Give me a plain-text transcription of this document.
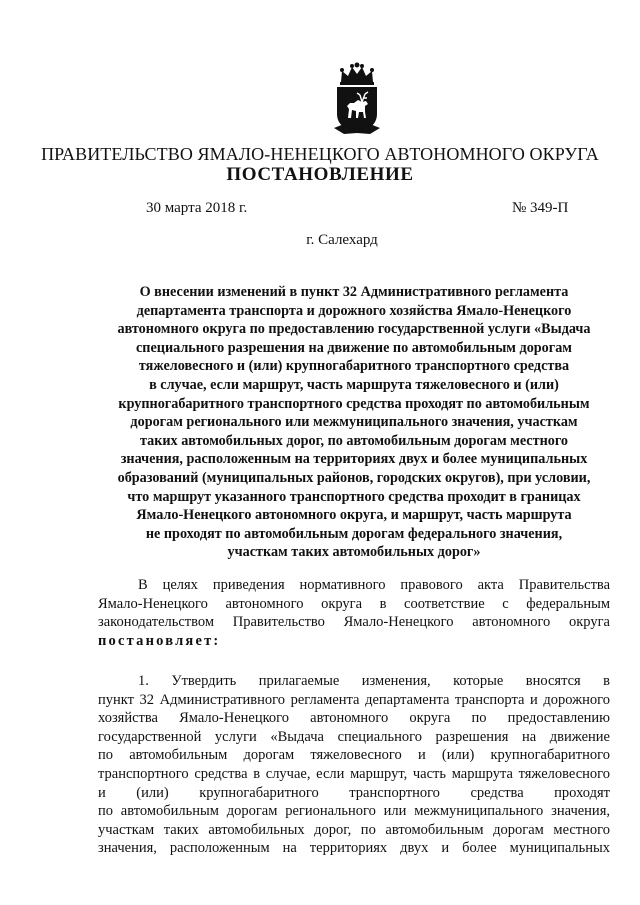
ПРАВИТЕЛЬСТВО ЯМАЛО-НЕНЕЦКОГО АВТОНОМНОГО ОКРУГА
ПОСТАНОВЛЕНИЕ
30 марта 2018 г.	№ 349-П
г. Салехард
О внесении изменений в пункт 32 Административного регламента
департамента транспорта и дорожного хозяйства Ямало-Ненецкого
автономного округа по предоставлению государственной услуги «Выдача
специального разрешения на движение по автомобильным дорогам
тяжеловесного и (или) крупногабаритного транспортного средства
в случае, если маршрут, часть маршрута тяжеловесного и (или)
крупногабаритного транспортного средства проходят по автомобильным
дорогам регионального или межмуниципального значения, участкам
таких автомобильных дорог, по автомобильным дорогам местного
значения, расположенным на территориях двух и более муниципальных
образований (муниципальных районов, городских округов), при условии,
что маршрут указанного транспортного средства проходит в границах
Ямало-Ненецкого автономного округа, и маршрут, часть маршрута
не проходят по автомобильным дорогам федерального значения,
участкам таких автомобильных дорог»
В целях приведения нормативного правового акта Правительства
Ямало-Ненецкого автономного округа в соответствие с федеральным
законодательством Правительство Ямало-Ненецкого автономного округа
постановляет:
1. Утвердить прилагаемые изменения, которые вносятся в
пункт 32 Административного регламента департамента транспорта и дорожного
хозяйства Ямало-Ненецкого автономного округа по предоставлению
государственной услуги «Выдача специального разрешения на движение
по автомобильным дорогам тяжеловесного и (или) крупногабаритного
транспортного средства в случае, если маршрут, часть маршрута тяжеловесного
и (или) крупногабаритного транспортного средства проходят
по автомобильным дорогам регионального или межмуниципального значения,
участкам таких автомобильных дорог, по автомобильным дорогам местного
значения, расположенным на территориях двух и более муниципальных
